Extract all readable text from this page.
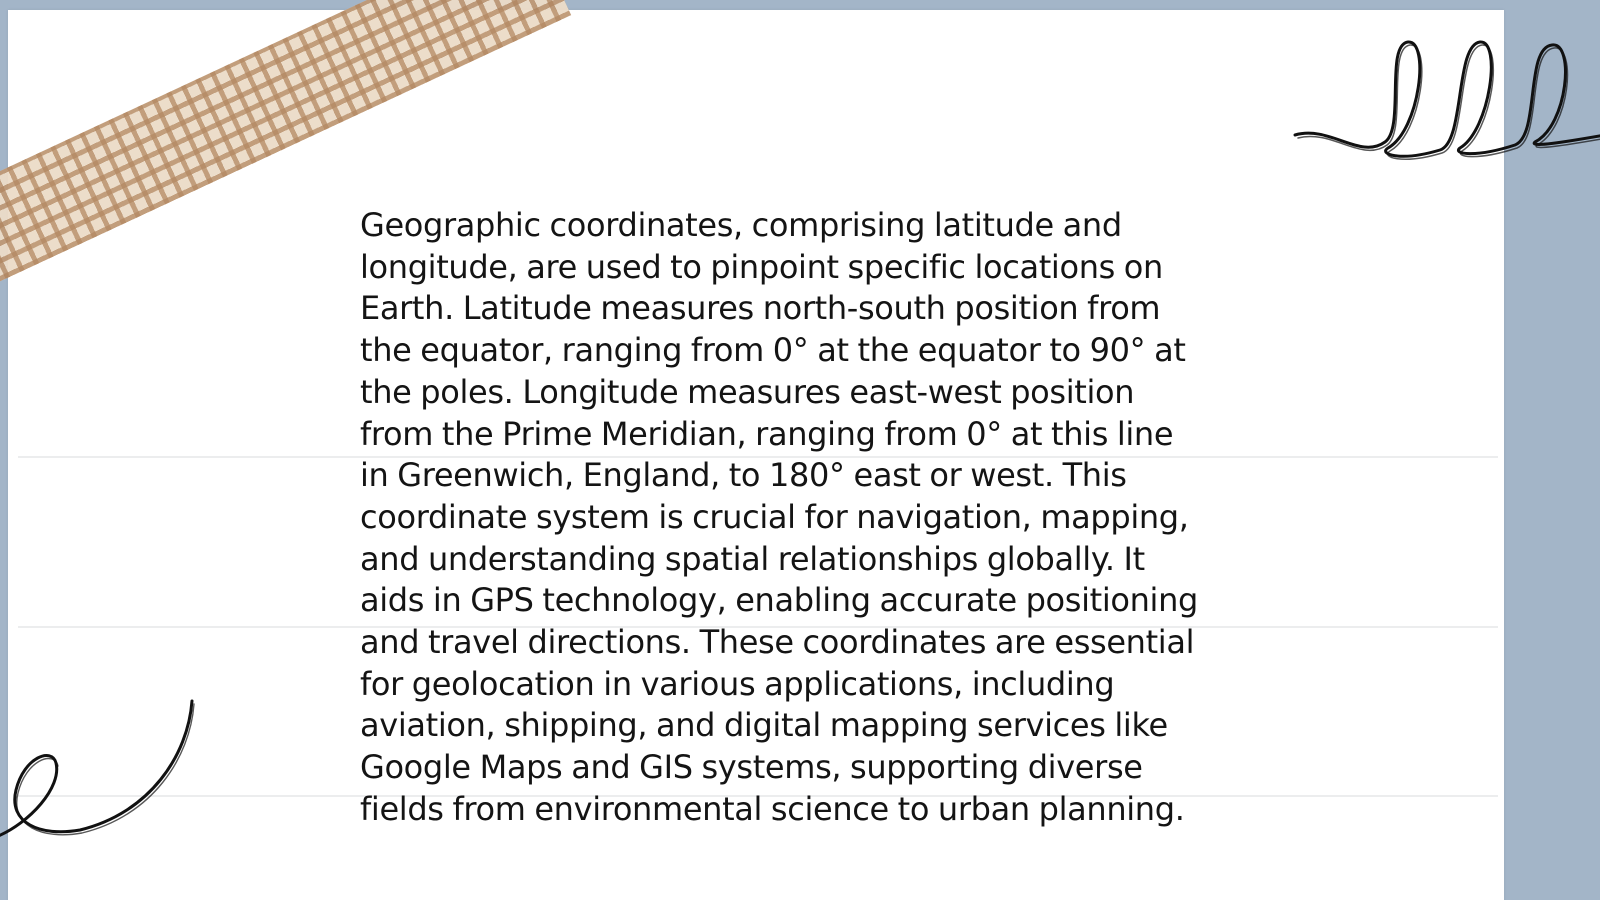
Geographic coordinates, comprising latitude and
longitude, are used to pinpoint specific locations on
Earth. Latitude measures north-south position from
the equator, ranging from 0° at the equator to 90° at
the poles. Longitude measures east-west position
from the Prime Meridian, ranging from 0° at this line
in Greenwich, England, to 180° east or west. This
coordinate system is crucial for navigation, mapping,
and understanding spatial relationships globally. It
aids in GPS technology, enabling accurate positioning
and travel directions. These coordinates are essential
for geolocation in various applications, including
aviation, shipping, and digital mapping services like
Google Maps and GIS systems, supporting diverse
fields from environmental science to urban planning.
